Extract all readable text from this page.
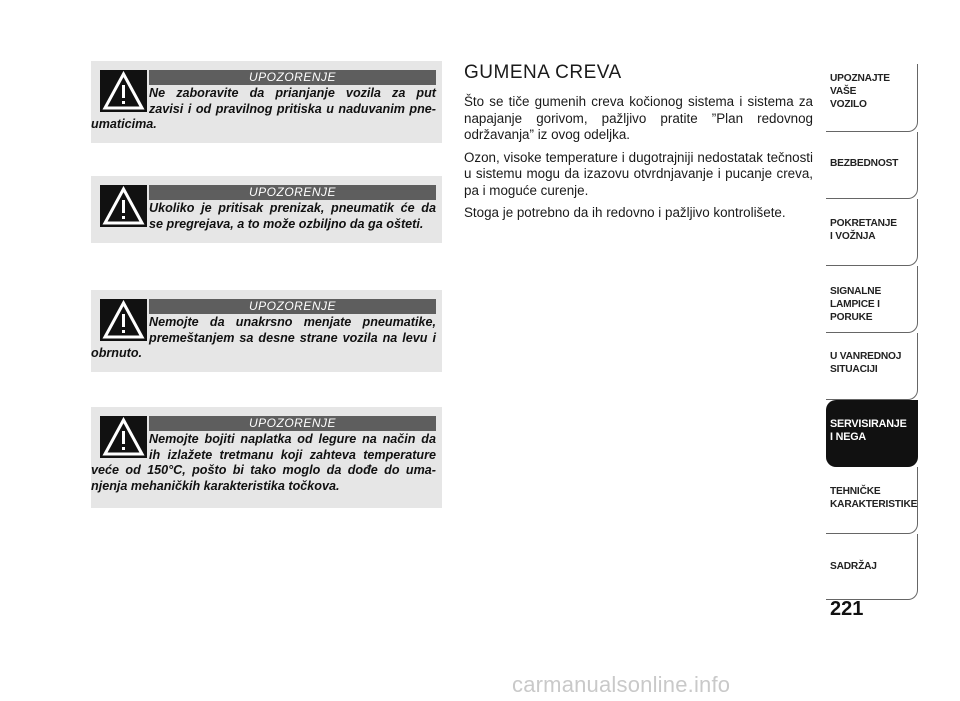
UPOZORENJE
Ne zaboravite da prianjanje vozila za put
zavisi i od pravilnog pritiska u naduvanim pne-
umaticima.
UPOZORENJE
Ukoliko je pritisak prenizak, pneumatik će da
se pregrejava, a to može ozbiljno da ga ošteti.
UPOZORENJE
Nemojte da unakrsno menjate pneumatike,
premeštanjem sa desne strane vozila na levu i
obrnuto.
UPOZORENJE
Nemojte bojiti naplatka od legure na način da
ih izlažete tretmanu koji zahteva temperature
veće od 150°C, pošto bi tako moglo da dođe do uma-
njenja mehaničkih karakteristika točkova.
GUMENA CREVA

Što se tiče gumenih creva kočionog sistema i sistema za napajanje gorivom, pažljivo pratite ”Plan redovnog održavanja” iz ovog odeljka.

Ozon, visoke temperature i dugotrajniji nedostatak tečnosti u sistemu mogu da izazovu otvrdnjavanje i pucanje creva, pa i moguće curenje.

Stoga je potrebno da ih redovno i pažljivo kontrolišete.

UPOZNAJTE
VAŠE
VOZILO
BEZBEDNOST
POKRETANJE
I VOŽNJA
SIGNALNE
LAMPICE I PORUKE
U VANREDNOJ
SITUACIJI
SERVISIRANJE
I NEGA
TEHNIČKE
KARAKTERISTIKE
SADRŽAJ
221
carmanualsonline.info
